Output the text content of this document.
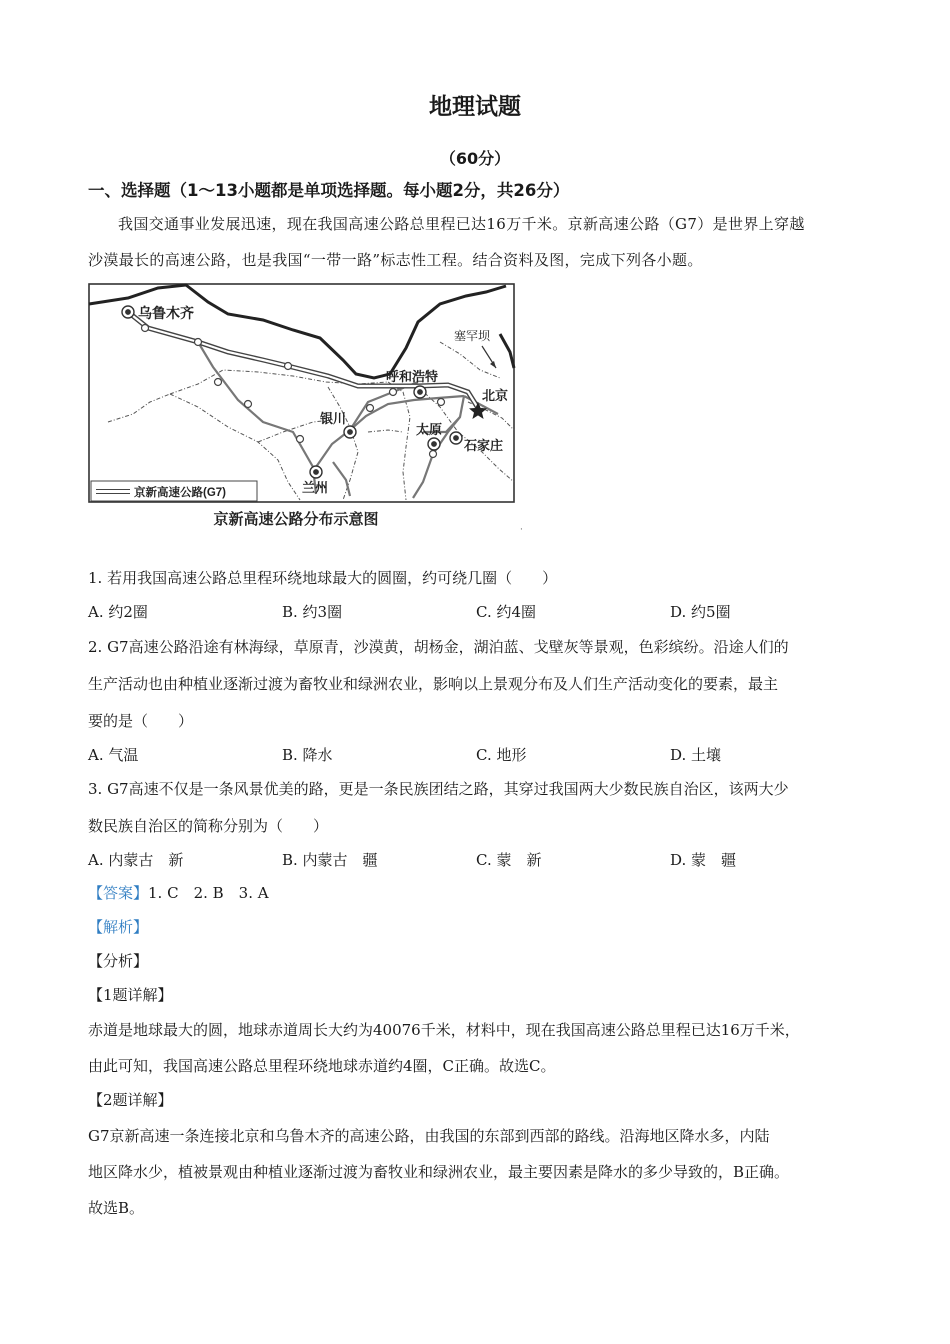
地理试题
（60分）
一、选择题（1～13小题都是单项选择题。每小题2分，共26分）
我国交通事业发展迅速，现在我国高速公路总里程已达16万千米。京新高速公路（G7）是世界上穿越
沙漠最长的高速公路，也是我国“一带一路”标志性工程。结合资料及图，完成下列各小题。
乌鲁木齐
塞罕坝
呼和浩特
北京
银川
太原
石家庄
兰州
京新高速公路(G7)
京新高速公路分布示意图
·
1. 若用我国高速公路总里程环绕地球最大的圆圈，约可绕几圈（　　）
A. 约2圈	B. 约3圈	C. 约4圈	D. 约5圈
2. G7高速公路沿途有林海绿，草原青，沙漠黄，胡杨金，湖泊蓝、戈壁灰等景观，色彩缤纷。沿途人们的
生产活动也由种植业逐渐过渡为畜牧业和绿洲农业，影响以上景观分布及人们生产活动变化的要素，最主
要的是（　　）
A. 气温	B. 降水	C. 地形	D. 土壤
3. G7高速不仅是一条风景优美的路，更是一条民族团结之路，其穿过我国两大少数民族自治区，该两大少
数民族自治区的简称分别为（　　）
A. 内蒙古　新	B. 内蒙古　疆	C. 蒙　新	D. 蒙　疆
【答案】1. C　2. B　3. A
【解析】
【分析】
【1题详解】
赤道是地球最大的圆，地球赤道周长大约为40076千米，材料中，现在我国高速公路总里程已达16万千米，
由此可知，我国高速公路总里程环绕地球赤道约4圈，C正确。故选C。
【2题详解】
G7京新高速一条连接北京和乌鲁木齐的高速公路，由我国的东部到西部的路线。沿海地区降水多，内陆
地区降水少，植被景观由种植业逐渐过渡为畜牧业和绿洲农业，最主要因素是降水的多少导致的，B正确。
故选B。
